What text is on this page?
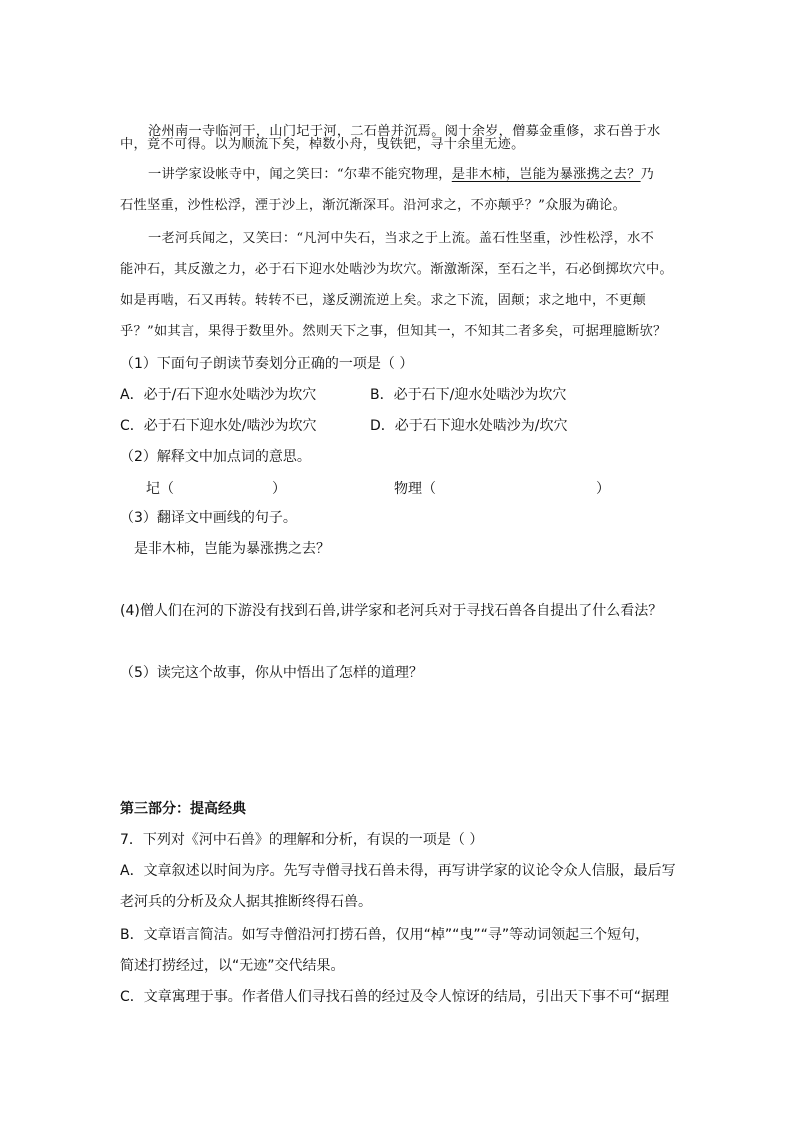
沧州南一寺临河干，山门圮于河，二石兽并沉焉。阅十余岁，僧募金重修，求石兽于水
中，竟不可得。以为顺流下矣，棹数小舟，曳铁钯，寻十余里无迹。
一讲学家设帐寺中，闻之笑曰：“尔辈不能究物理，是非木柿，岂能为暴涨携之去？乃
石性坚重，沙性松浮，湮于沙上，渐沉渐深耳。沿河求之，不亦颠乎？”众服为确论。
一老河兵闻之，又笑曰：“凡河中失石，当求之于上流。盖石性坚重，沙性松浮，水不
能冲石，其反激之力，必于石下迎水处啮沙为坎穴。渐激渐深，至石之半，石必倒掷坎穴中。
如是再啮，石又再转。转转不已，遂反溯流逆上矣。求之下流，固颠；求之地中，不更颠
乎？”如其言，果得于数里外。然则天下之事，但知其一，不知其二者多矣，可据理臆断欤？
（1）下面句子朗读节奏划分正确的一项是（ ）
A．必于/石下迎水处啮沙为坎穴	B．必于石下/迎水处啮沙为坎穴
C．必于石下迎水处/啮沙为坎穴	D．必于石下迎水处啮沙为/坎穴
（2）解释文中加点词的意思。
圮（	）	物理（	）
（3）翻译文中画线的句子。
是非木柿，岂能为暴涨携之去？
(4)僧人们在河的下游没有找到石兽,讲学家和老河兵对于寻找石兽各自提出了什么看法？
（5）读完这个故事，你从中悟出了怎样的道理？
第三部分：提高经典
7．下列对《河中石兽》的理解和分析，有误的一项是（ ）
A．文章叙述以时间为序。先写寺僧寻找石兽未得，再写讲学家的议论令众人信服，最后写
老河兵的分析及众人据其推断终得石兽。
B．文章语言简洁。如写寺僧沿河打捞石兽，仅用“棹”“曳”“寻”等动词领起三个短句，
简述打捞经过，以“无迹”交代结果。
C．文章寓理于事。作者借人们寻找石兽的经过及令人惊讶的结局，引出天下事不可“据理
